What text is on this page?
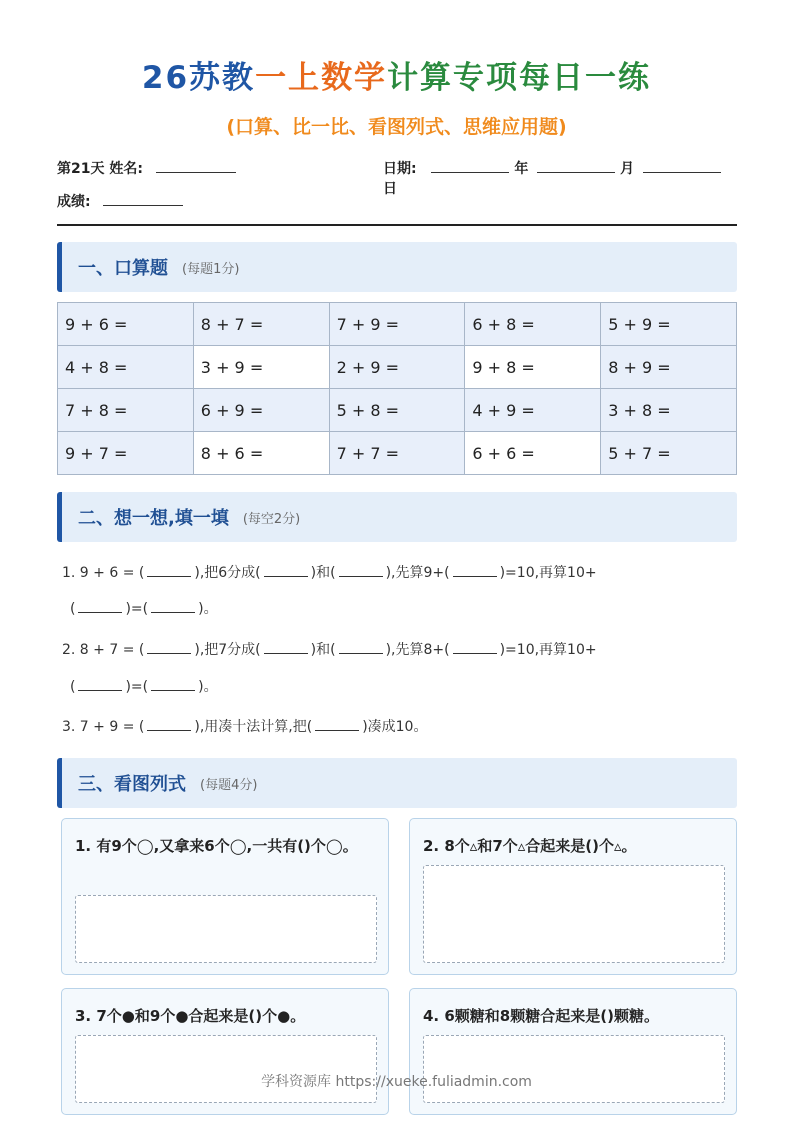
26苏教一上数学计算专项每日一练
(口算、比一比、看图列式、思维应用题)
第21天 姓名:	日期:	年	月  日
成绩:
一、口算题 (每题1分)
9 + 6 =	8 + 7 =	7 + 9 =	6 + 8 =	5 + 9 =
4 + 8 =	3 + 9 =	2 + 9 =	9 + 8 =	8 + 9 =
7 + 8 =	6 + 9 =	5 + 8 =	4 + 9 =	3 + 8 =
9 + 7 =	8 + 6 =	7 + 7 =	6 + 6 =	5 + 7 =
二、想一想,填一填 (每空2分)
1. 9 + 6 = (	),把6分成(	)和(	),先算9+(	)=10,再算10+
(	)=(	)。
2. 8 + 7 = (	),把7分成(	)和(	),先算8+(	)=10,再算10+
(	)=(	)。
3. 7 + 9 = (	),用凑十法计算,把(	)凑成10。
三、看图列式 (每题4分)
1. 有9个◯,又拿来6个◯,一共有()个◯。	2. 8个▵和7个▵合起来是()个▵。
3. 7个●和9个●合起来是()个●。	4. 6颗糖和8颗糖合起来是()颗糖。
学科资源库 https://xueke.fuliadmin.com
